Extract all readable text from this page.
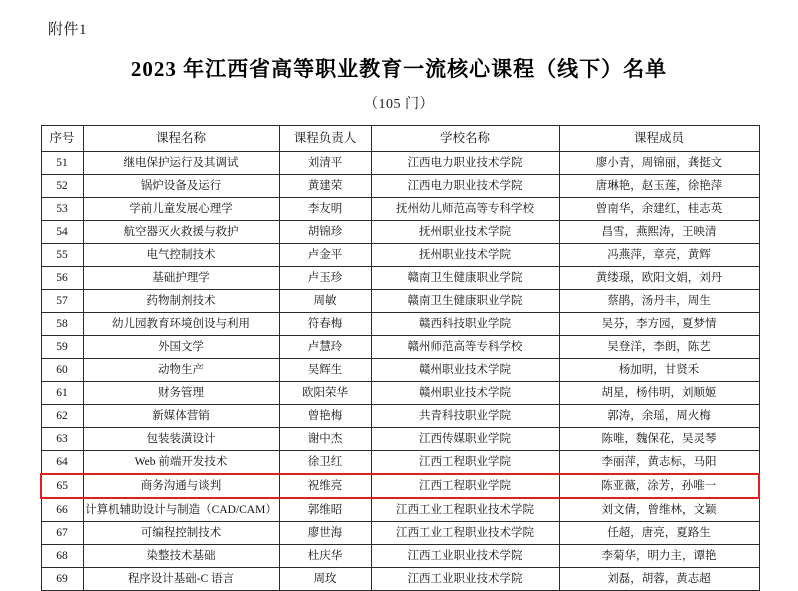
附件1
2023 年江西省高等职业教育一流核心课程（线下）名单
（105 门）
序号	课程名称	课程负责人	学校名称	课程成员
51	继电保护运行及其调试	刘清平	江西电力职业技术学院	廖小青，周锦丽，龚挺文
52	锅炉设备及运行	黄建荣	江西电力职业技术学院	唐琳艳，赵玉莲，徐艳萍
53	学前儿童发展心理学	李友明	抚州幼儿师范高等专科学校	曾南华，余建红，桂志英
54	航空器灭火救援与救护	胡锦珍	抚州职业技术学院	昌雪，燕熙涛，王映清
55	电气控制技术	卢金平	抚州职业技术学院	冯燕萍，章亮，黄辉
56	基础护理学	卢玉珍	赣南卫生健康职业学院	黄缕璟，欧阳文娟，刘丹
57	药物制剂技术	周敏	赣南卫生健康职业学院	蔡鹃，汤丹丰，周生
58	幼儿园教育环境创设与利用	符春梅	赣西科技职业学院	吴芬，李方园，夏梦情
59	外国文学	卢慧玲	赣州师范高等专科学校	吴登洋，李朗，陈艺
60	动物生产	吴辉生	赣州职业技术学院	杨加明，甘贤禾
61	财务管理	欧阳荣华	赣州职业技术学院	胡星，杨伟明，刘顺姬
62	新媒体营销	曾艳梅	共青科技职业学院	郭涛，余瑶，周火梅
63	包装装潢设计	谢中杰	江西传媒职业学院	陈唯，魏保花，吴灵琴
64	Web 前端开发技术	徐卫红	江西工程职业学院	李丽萍，黄志标，马阳
65	商务沟通与谈判	祝维亮	江西工程职业学院	陈亚薇，涂芳，孙唯一
66	计算机辅助设计与制造（CAD/CAM）	郭维昭	江西工业工程职业技术学院	刘文倩，曾维林，文颖
67	可编程控制技术	廖世海	江西工业工程职业技术学院	任超，唐亮，夏路生
68	染整技术基础	杜庆华	江西工业职业技术学院	李菊华，明力主，谭艳
69	程序设计基础-C 语言	周玫	江西工业职业技术学院	刘磊，胡蓉，黄志超
